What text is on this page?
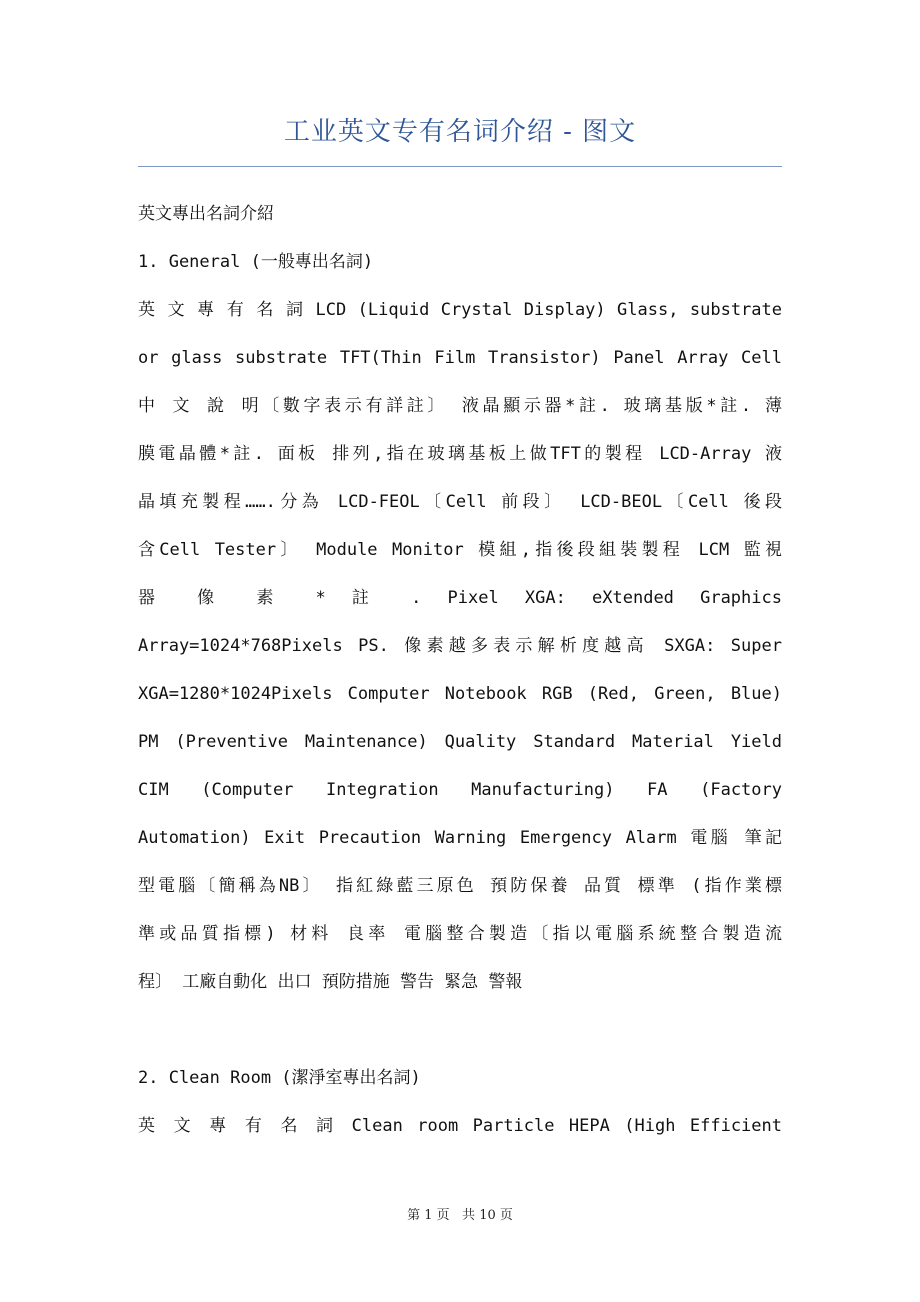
工业英文专有名词介绍 - 图文
英文專出名詞介紹
1. General (一般專出名詞)
英 文 專 有 名 詞 LCD (Liquid Crystal Display) Glass, substrate
or glass substrate TFT(Thin Film Transistor) Panel Array Cell
中 文 說 明〔數字表示有詳註〕 液晶顯示器*註. 玻璃基版*註. 薄
膜電晶體*註. 面板 排列,指在玻璃基板上做TFT的製程 LCD-Array 液
晶填充製程…….分為 LCD-FEOL〔Cell 前段〕 LCD-BEOL〔Cell 後段
含Cell Tester〕 Module Monitor 模組,指後段組裝製程 LCM 監視
器 像 素 * 註 . Pixel XGA: eXtended Graphics
Array=1024*768Pixels PS. 像素越多表示解析度越高 SXGA: Super
XGA=1280*1024Pixels Computer Notebook RGB (Red, Green, Blue)
PM (Preventive Maintenance) Quality Standard Material Yield
CIM (Computer Integration Manufacturing) FA (Factory
Automation) Exit Precaution Warning Emergency Alarm 電腦 筆記
型電腦〔簡稱為NB〕 指紅綠藍三原色 預防保養 品質 標準 (指作業標
準或品質指標) 材料 良率 電腦整合製造〔指以電腦系統整合製造流
程〕 工廠自動化 出口 預防措施 警告 緊急 警報
2. Clean Room (潔淨室專出名詞)
英 文 專 有 名 詞 Clean room Particle HEPA (High Efficient
第 1 页   共 10 页
